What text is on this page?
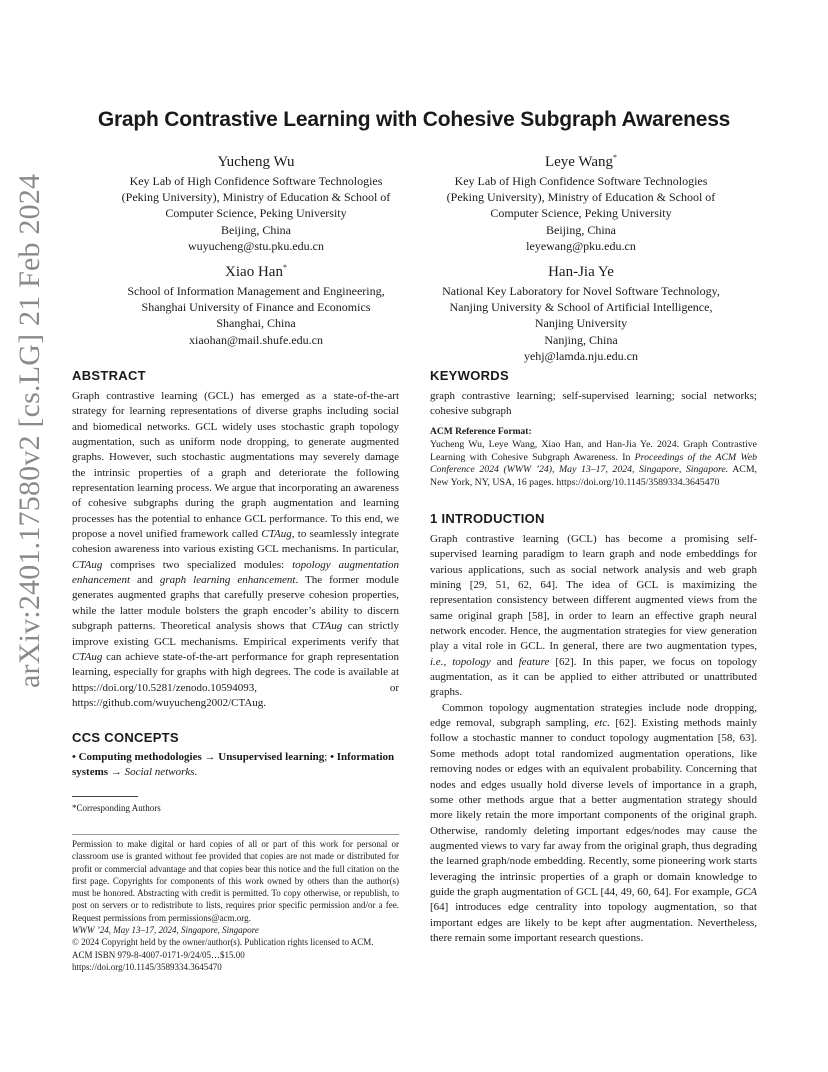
arXiv:2401.17580v2 [cs.LG] 21 Feb 2024
Graph Contrastive Learning with Cohesive Subgraph Awareness
Yucheng Wu
Key Lab of High Confidence Software Technologies
(Peking University), Ministry of Education & School of
Computer Science, Peking University
Beijing, China
wuyucheng@stu.pku.edu.cn
Leye Wang*
Key Lab of High Confidence Software Technologies
(Peking University), Ministry of Education & School of
Computer Science, Peking University
Beijing, China
leyewang@pku.edu.cn
Xiao Han*
School of Information Management and Engineering,
Shanghai University of Finance and Economics
Shanghai, China
xiaohan@mail.shufe.edu.cn
Han-Jia Ye
National Key Laboratory for Novel Software Technology,
Nanjing University & School of Artificial Intelligence,
Nanjing University
Nanjing, China
yehj@lamda.nju.edu.cn
ABSTRACT

Graph contrastive learning (GCL) has emerged as a state-of-the-art strategy for learning representations of diverse graphs including social and biomedical networks. GCL widely uses stochastic graph topology augmentation, such as uniform node dropping, to generate augmented graphs. However, such stochastic augmentations may severely damage the intrinsic properties of a graph and deteriorate the following representation learning process. We argue that incorporating an awareness of cohesive subgraphs during the graph augmentation and learning processes has the potential to enhance GCL performance. To this end, we propose a novel unified framework called CTAug, to seamlessly integrate cohesion awareness into various existing GCL mechanisms. In particular, CTAug comprises two specialized modules: topology augmentation enhancement and graph learning enhancement. The former module generates augmented graphs that carefully preserve cohesion properties, while the latter module bolsters the graph encoder’s ability to discern subgraph patterns. Theoretical analysis shows that CTAug can strictly improve existing GCL mechanisms. Empirical experiments verify that CTAug can achieve state-of-the-art performance for graph representation learning, especially for graphs with high degrees. The code is available at https://doi.org/10.5281/zenodo.10594093, or https://github.com/wuyucheng2002/CTAug.

CCS CONCEPTS

• Computing methodologies → Unsupervised learning; • Information systems → Social networks.

*Corresponding Authors
Permission to make digital or hard copies of all or part of this work for personal or classroom use is granted without fee provided that copies are not made or distributed for profit or commercial advantage and that copies bear this notice and the full citation on the first page. Copyrights for components of this work owned by others than the author(s) must be honored. Abstracting with credit is permitted. To copy otherwise, or republish, to post on servers or to redistribute to lists, requires prior specific permission and/or a fee. Request permissions from permissions@acm.org.
WWW ’24, May 13–17, 2024, Singapore, Singapore
© 2024 Copyright held by the owner/author(s). Publication rights licensed to ACM.
ACM ISBN 979-8-4007-0171-9/24/05…$15.00
https://doi.org/10.1145/3589334.3645470
KEYWORDS
graph contrastive learning; self-supervised learning; social networks; cohesive subgraph
ACM Reference Format:
Yucheng Wu, Leye Wang, Xiao Han, and Han-Jia Ye. 2024. Graph Contrastive Learning with Cohesive Subgraph Awareness. In Proceedings of the ACM Web Conference 2024 (WWW ’24), May 13–17, 2024, Singapore, Singapore. ACM, New York, NY, USA, 16 pages. https://doi.org/10.1145/3589334.3645470
1 INTRODUCTION

Graph contrastive learning (GCL) has become a promising self-supervised learning paradigm to learn graph and node embeddings for various applications, such as social network analysis and web graph mining [29, 51, 62, 64]. The idea of GCL is maximizing the representation consistency between different augmented views from the same original graph [58], in order to learn an effective graph neural network encoder. Hence, the augmentation strategies for view generation play a vital role in GCL. In general, there are two augmentation types, i.e., topology and feature [62]. In this paper, we focus on topology augmentation, as it can be applied to either attributed or unattributed graphs.

Common topology augmentation strategies include node dropping, edge removal, subgraph sampling, etc. [62]. Existing methods mainly follow a stochastic manner to conduct topology augmentation [58, 63]. Some methods adopt total randomized augmentation operations, like removing nodes or edges with an equivalent probability. Concerning that nodes and edges usually hold diverse levels of importance in a graph, some other methods argue that a better augmentation strategy should more likely retain the more important components of the original graph. Otherwise, randomly deleting important edges/nodes may cause the augmented views to vary far away from the original graph, thus degrading the learned graph/node embedding. Recently, some pioneering work starts leveraging the intrinsic properties of a graph or domain knowledge to guide the graph augmentation of GCL [44, 49, 60, 64]. For example, GCA [64] introduces edge centrality into topology augmentation, so that important edges are likely to be kept after augmentation. Nevertheless, there remain some important research questions.
